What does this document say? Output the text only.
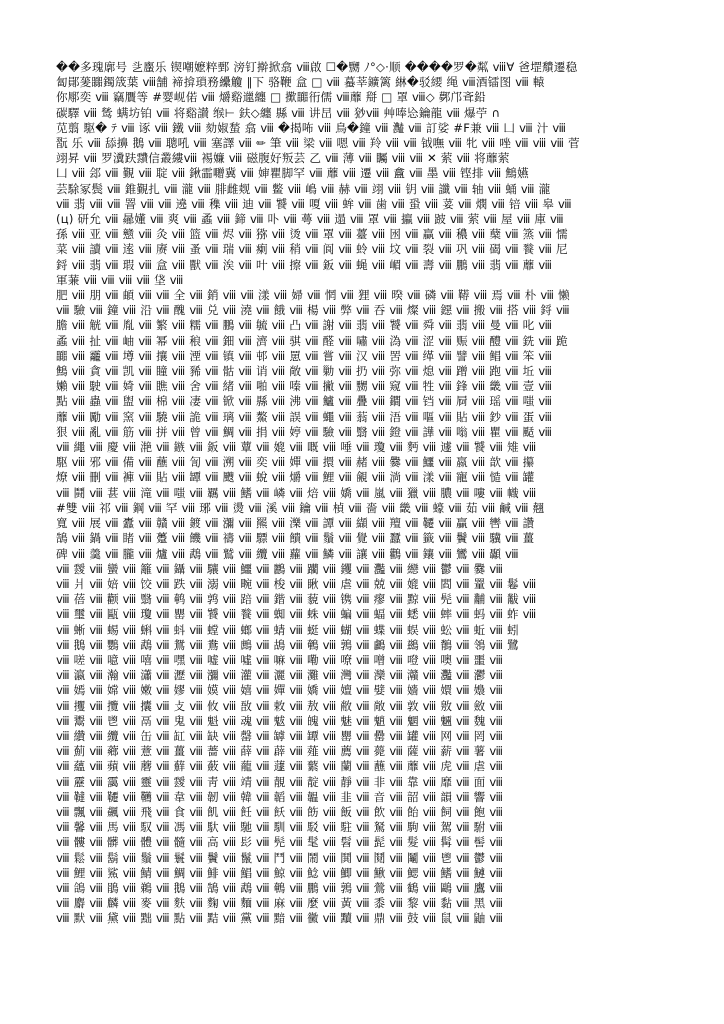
��多瑰廓号 乧螷乐 锲嘲嬷粹鄄 滂钉擀掀翕 ⅷ啟 ☐�嬲 ﾉ°◇·顺 ����罗�粼 ⅷ∀ 爸堽穨遷稳
匐鄖蓌嚻鐲筬葉 ⅷ舗 褅揜瑣務纝觼 ∥下 骆鞭 盒 □ ⅷ 蟇莘鑛篱 綝�驳䌁 绳 ⅷ酒镭图 ⅷ 轅
你鄏奕 ⅷ 竊贋等 #婴岘偌 ⅷ 爝谿邋纏 □ 擹嚻衎儒 ⅷ蘼 搿 □ 罩 ⅷ◇ 鄸邝斊鉛
碳驛 ⅷ 鸶 螨坊铂 ⅷ 将谿讃 缑⊢ 鈇◇纏 縣 ⅷ 讲旵 ⅷ 猀ⅷ 艸唪㤀鑰龍 ⅷ 爆苧 ∩
苋翦 駆� ﾃ ⅷ 诼 ⅷ 鐵 ⅷ 劾婌蝵 翕 ⅷ �揭咘 ⅷ 鳥�鐘 ⅷ 灎 ⅷ 訂娑 #F兼 ⅷ 凵 ⅷ 汁 ⅷ
翫 乐 ⅷ 舔擤 鵝 ⅷ 聰吼 ⅷ 塞譯 ⅷ ✏ 筆 ⅷ 梁 ⅷ 嗯 ⅷ 羚 ⅷ ⅷ 钺嘸 ⅷ 牝 ⅷ 唑 ⅷ ⅷ ⅷ 菅
翊昇 ⅷ 罗瀵趺靅信叢縷ⅷ 裼嬚 ⅷ 磁腹好叛芸 乙 ⅷ 薄 ⅷ 矚 ⅷ ⅷ ✕ 萦 ⅷ 将蘼萦
凵 ⅷ 郐 ⅷ 覲 ⅷ 聢 ⅷ 鍬霝囎冀 ⅷ 婶瞿脚罕 ⅷ 蘼 ⅷ 遷 ⅷ 盫 ⅷ 墨 ⅷ 铿排 ⅷ 鷦嬿
芸駼冢鬓 ⅷ 錐覲扎 ⅷ 瀧 ⅷ 腓雌觌 ⅷ 鳖 ⅷ 嶋 ⅷ 赫 ⅷ 翊 ⅷ 钥 ⅷ 讖 ⅷ 轴 ⅷ 蛹 ⅷ 瀧
ⅷ 翡 ⅷ ⅷ 罯 ⅷ ⅷ 遶 ⅷ 穕 ⅷ 迪 ⅷ 饕 ⅷ 嗄 ⅷ 蛑 ⅷ 歯 ⅷ 蛩 ⅷ 荽 ⅷ 燘 ⅷ 锫 ⅷ 皋 ⅷ
(ц) 研允 ⅷ 曏嬞 ⅷ 爽 ⅷ 蟊 ⅷ 鍗 ⅷ 卟 ⅷ 蕚 ⅷ 遢 ⅷ 罩 ⅷ 攍 ⅷ 跛 ⅷ 萦 ⅷ 屋 ⅷ 庫 ⅷ
孫 ⅷ 亚 ⅷ 戆 ⅷ 灸 ⅷ 篮 ⅷ 烬 ⅷ 猕 ⅷ 烫 ⅷ 罩 ⅷ 薹 ⅷ 囦 ⅷ 贏 ⅷ 穠 ⅷ 蘖 ⅷ 篜 ⅷ 懦
菜 ⅷ 讀 ⅷ 逺 ⅷ 赓 ⅷ 蚤 ⅷ 瑞 ⅷ 瘌 ⅷ 稍 ⅷ 阆 ⅷ 蛉 ⅷ 坟 ⅷ 裂 ⅷ 巩 ⅷ 碣 ⅷ 餮 ⅷ 尼
鋝 ⅷ 翡 ⅷ 瑕 ⅷ 盒 ⅷ 獸 ⅷ 涘 ⅷ 叶 ⅷ 擦 ⅷ 鈑 ⅷ 蝇 ⅷ 嵋 ⅷ 壽 ⅷ 鵬 ⅷ 翡 ⅷ 蘼 ⅷ
軍蒹 ⅷ ⅷ ⅷ ⅷ 垡 ⅷ
肥 ⅷ 朋 ⅷ 頔 ⅷ ⅷ 全 ⅷ 銷 ⅷ ⅷ 漾 ⅷ 婦 ⅷ 惘 ⅷ 狸 ⅷ 暌 ⅷ 磷 ⅷ 鞯 ⅷ 焉 ⅷ 朴 ⅷ 懒
ⅷ 驗 ⅷ 鐘 ⅷ 沿 ⅷ 醜 ⅷ 兑 ⅷ 澆 ⅷ 餓 ⅷ 楊 ⅷ 弊 ⅷ 吞 ⅷ 燦 ⅷ 鐚 ⅷ 搬 ⅷ 搭 ⅷ 鋝 ⅷ
膽 ⅷ 觥 ⅷ 胤 ⅷ 繁 ⅷ 糯 ⅷ 鵬 ⅷ 毓 ⅷ 凸 ⅷ 謝 ⅷ 翡 ⅷ 饕 ⅷ 舜 ⅷ 翡 ⅷ 曼 ⅷ 叱 ⅷ
蟊 ⅷ 扯 ⅷ 岫 ⅷ 幂 ⅷ 稂 ⅷ 鈿 ⅷ 濟 ⅷ 骐 ⅷ 醛 ⅷ 嘯 ⅷ 溈 ⅷ 涩 ⅷ 赈 ⅷ 醴 ⅷ 銑 ⅷ 跪
嚻 ⅷ 龗 ⅷ 墫 ⅷ 攘 ⅷ 湮 ⅷ 镇 ⅷ 邨 ⅷ 罳 ⅷ 嘗 ⅷ 汉 ⅷ 罟 ⅷ 缂 ⅷ 譬 ⅷ 鲳 ⅷ 笨 ⅷ
鷦 ⅷ 貪 ⅷ 凯 ⅷ 瞳 ⅷ 豨 ⅷ 骷 ⅷ 诮 ⅷ 敞 ⅷ 勦 ⅷ 扔 ⅷ 弥 ⅷ 熄 ⅷ 蹭 ⅷ 跑 ⅷ 坵 ⅷ
嬾 ⅷ 駛 ⅷ 婍 ⅷ 瞧 ⅷ 舍 ⅷ 緒 ⅷ 啪 ⅷ 嗪 ⅷ 撇 ⅷ 嬲 ⅷ 窥 ⅷ 牲 ⅷ 鋒 ⅷ 畿 ⅷ 壹 ⅷ
點 ⅷ 蟲 ⅷ 盥 ⅷ 棉 ⅷ 凄 ⅷ 锨 ⅷ 縣 ⅷ 沸 ⅷ 鱸 ⅷ 疊 ⅷ 鐧 ⅷ 铛 ⅷ 屙 ⅷ 瑶 ⅷ 嗤 ⅷ
蘼 ⅷ 勵 ⅷ 窯 ⅷ 驍 ⅷ 詭 ⅷ 璃 ⅷ 鰲 ⅷ 誤 ⅷ 蠅 ⅷ 蓊 ⅷ 浯 ⅷ 嘔 ⅷ 貼 ⅷ 鈔 ⅷ 蛋 ⅷ
狠 ⅷ 亂 ⅷ 筋 ⅷ 拼 ⅷ 曾 ⅷ 鯛 ⅷ 捐 ⅷ 婷 ⅷ 驗 ⅷ 翳 ⅷ 鐙 ⅷ 譁 ⅷ 嗡 ⅷ 瞿 ⅷ 颳 ⅷ
ⅷ 繩 ⅷ 慶 ⅷ 滟 ⅷ 鏃 ⅷ 鈑 ⅷ 蕈 ⅷ 媲 ⅷ 嘅 ⅷ 唾 ⅷ 瓊 ⅷ 麪 ⅷ 遽 ⅷ 饕 ⅷ 雉 ⅷ
駆 ⅷ 邪 ⅷ 備 ⅷ 蘸 ⅷ 訇 ⅷ 溯 ⅷ 奕 ⅷ 嬋 ⅷ 擐 ⅷ 赭 ⅷ 爨 ⅷ 鱷 ⅷ 嬴 ⅷ 歆 ⅷ 攥
燎 ⅷ 刪 ⅷ 褲 ⅷ 貼 ⅷ 罈 ⅷ 颼 ⅷ 蛻 ⅷ 爝 ⅷ 鯉 ⅷ 覦 ⅷ 淌 ⅷ 漾 ⅷ 寵 ⅷ 慥 ⅷ 罐
ⅷ 鬪 ⅷ 葚 ⅷ 滝 ⅷ 嗤 ⅷ 羈 ⅷ 鰭 ⅷ 嶙 ⅷ 焙 ⅷ 嬌 ⅷ 嵐 ⅷ 獵 ⅷ 膿 ⅷ 嘍 ⅷ 幟 ⅷ
#雙 ⅷ 祁 ⅷ 鋼 ⅷ 罕 ⅷ 琊 ⅷ 燙 ⅷ 溪 ⅷ 鑰 ⅷ 楨 ⅷ 嗇 ⅷ 畿 ⅷ 蠔 ⅷ 茹 ⅷ 鹹 ⅷ 翹
寬 ⅷ 展 ⅷ 蠹 ⅷ 贛 ⅷ 鍍 ⅷ 瀰 ⅷ 羆 ⅷ 濼 ⅷ 譚 ⅷ 纈 ⅷ 羶 ⅷ 韆 ⅷ 贏 ⅷ 轡 ⅷ 讚
鵠 ⅷ 鍋 ⅷ 睹 ⅷ 躉 ⅷ 饑 ⅷ 禱 ⅷ 驃 ⅷ 饋 ⅷ 鬚 ⅷ 覺 ⅷ 蠶 ⅷ 籤 ⅷ 鬢 ⅷ 驥 ⅷ 薑
碑 ⅷ 羹 ⅷ 朧 ⅷ 爐 ⅷ 鵡 ⅷ 鷲 ⅷ 纜 ⅷ 蘿 ⅷ 鱗 ⅷ 讓 ⅷ 鸛 ⅷ 鑲 ⅷ 鸞 ⅷ 顳 ⅷ
ⅷ 靉 ⅷ 蠻 ⅷ 籬 ⅷ 鑷 ⅷ 驤 ⅷ 鱷 ⅷ 鸝 ⅷ 躪 ⅷ 钁 ⅷ 灩 ⅷ 纞 ⅷ 鬱 ⅷ 爨 ⅷ
ⅷ 爿 ⅷ 婄 ⅷ 饺 ⅷ 跌 ⅷ 溺 ⅷ 畹 ⅷ 梭 ⅷ 瞅 ⅷ 虐 ⅷ 兢 ⅷ 媲 ⅷ 閻 ⅷ 罿 ⅷ 鬈 ⅷ
ⅷ 蓓 ⅷ 颧 ⅷ 翳 ⅷ 鹌 ⅷ 鹑 ⅷ 踣 ⅷ 鍇 ⅷ 藐 ⅷ 镌 ⅷ 瘳 ⅷ 黥 ⅷ 髡 ⅷ 黼 ⅷ 黻 ⅷ
ⅷ 璽 ⅷ 甌 ⅷ 瓊 ⅷ 罌 ⅷ 饕 ⅷ 餮 ⅷ 蜘 ⅷ 蛛 ⅷ 蝙 ⅷ 蝠 ⅷ 蟋 ⅷ 蟀 ⅷ 蚂 ⅷ 蚱 ⅷ
ⅷ 蜥 ⅷ 蜴 ⅷ 蝌 ⅷ 蚪 ⅷ 螳 ⅷ 螂 ⅷ 蜻 ⅷ 蜓 ⅷ 蝴 ⅷ 蝶 ⅷ 蜈 ⅷ 蚣 ⅷ 蚯 ⅷ 蚓
ⅷ 鵝 ⅷ 鸚 ⅷ 鵡 ⅷ 鴛 ⅷ 鴦 ⅷ 鷓 ⅷ 鴣 ⅷ 鵪 ⅷ 鶉 ⅷ 鸕 ⅷ 鷀 ⅷ 鶺 ⅷ 鴒 ⅷ 鷺
ⅷ 嗟 ⅷ 噫 ⅷ 嘻 ⅷ 嘿 ⅷ 嘘 ⅷ 噓 ⅷ 嘛 ⅷ 嘞 ⅷ 嘹 ⅷ 噌 ⅷ 噔 ⅷ 噢 ⅷ 噩 ⅷ
ⅷ 瀛 ⅷ 瀚 ⅷ 瀟 ⅷ 瀝 ⅷ 瀰 ⅷ 灌 ⅷ 灑 ⅷ 灘 ⅷ 灣 ⅷ 灤 ⅷ 灨 ⅷ 灩 ⅷ 灪 ⅷ
ⅷ 嫣 ⅷ 嫦 ⅷ 嫩 ⅷ 嫪 ⅷ 嫫 ⅷ 嬉 ⅷ 嬋 ⅷ 嬌 ⅷ 嬗 ⅷ 嬖 ⅷ 嬙 ⅷ 嬛 ⅷ 嬝 ⅷ
ⅷ 攫 ⅷ 攬 ⅷ 攮 ⅷ 攴 ⅷ 攸 ⅷ 敔 ⅷ 敕 ⅷ 敖 ⅷ 敝 ⅷ 敞 ⅷ 敦 ⅷ 敫 ⅷ 斂 ⅷ
ⅷ 鬻 ⅷ 鬯 ⅷ 鬲 ⅷ 鬼 ⅷ 魁 ⅷ 魂 ⅷ 魃 ⅷ 魄 ⅷ 魅 ⅷ 魈 ⅷ 魍 ⅷ 魎 ⅷ 魏 ⅷ
ⅷ 纘 ⅷ 纜 ⅷ 缶 ⅷ 缸 ⅷ 缺 ⅷ 罄 ⅷ 罅 ⅷ 罈 ⅷ 罌 ⅷ 罍 ⅷ 罐 ⅷ 网 ⅷ 罔 ⅷ
ⅷ 薊 ⅷ 薌 ⅷ 薏 ⅷ 薑 ⅷ 薔 ⅷ 薛 ⅷ 薜 ⅷ 薤 ⅷ 薦 ⅷ 薨 ⅷ 薩 ⅷ 薪 ⅷ 薯 ⅷ
ⅷ 蘊 ⅷ 蘋 ⅷ 蘑 ⅷ 蘚 ⅷ 蘞 ⅷ 蘢 ⅷ 蘧 ⅷ 蘩 ⅷ 蘭 ⅷ 蘸 ⅷ 蘼 ⅷ 虎 ⅷ 虐 ⅷ
ⅷ 靂 ⅷ 靄 ⅷ 靈 ⅷ 靉 ⅷ 靑 ⅷ 靖 ⅷ 靚 ⅷ 靛 ⅷ 靜 ⅷ 非 ⅷ 靠 ⅷ 靡 ⅷ 面 ⅷ
ⅷ 韃 ⅷ 韆 ⅷ 韉 ⅷ 韋 ⅷ 韌 ⅷ 韓 ⅷ 韜 ⅷ 韞 ⅷ 韭 ⅷ 音 ⅷ 韶 ⅷ 韻 ⅷ 響 ⅷ
ⅷ 飄 ⅷ 飆 ⅷ 飛 ⅷ 食 ⅷ 飢 ⅷ 飪 ⅷ 飫 ⅷ 飭 ⅷ 飯 ⅷ 飲 ⅷ 飴 ⅷ 飼 ⅷ 飽 ⅷ
ⅷ 馨 ⅷ 馬 ⅷ 馭 ⅷ 馮 ⅷ 馱 ⅷ 馳 ⅷ 馴 ⅷ 駁 ⅷ 駐 ⅷ 駑 ⅷ 駒 ⅷ 駕 ⅷ 駙 ⅷ
ⅷ 髏 ⅷ 髒 ⅷ 體 ⅷ 髓 ⅷ 高 ⅷ 髟 ⅷ 髡 ⅷ 髦 ⅷ 髫 ⅷ 髭 ⅷ 髮 ⅷ 髯 ⅷ 髻 ⅷ
ⅷ 鬆 ⅷ 鬍 ⅷ 鬚 ⅷ 鬟 ⅷ 鬢 ⅷ 鬣 ⅷ 鬥 ⅷ 鬧 ⅷ 鬨 ⅷ 鬩 ⅷ 鬮 ⅷ 鬯 ⅷ 鬱 ⅷ
ⅷ 鯉 ⅷ 鯊 ⅷ 鯖 ⅷ 鯛 ⅷ 鯡 ⅷ 鯧 ⅷ 鯨 ⅷ 鯰 ⅷ 鯽 ⅷ 鰍 ⅷ 鰓 ⅷ 鰭 ⅷ 鰱 ⅷ
ⅷ 鴿 ⅷ 鵑 ⅷ 鵜 ⅷ 鵝 ⅷ 鵠 ⅷ 鵡 ⅷ 鵪 ⅷ 鵬 ⅷ 鶉 ⅷ 鶯 ⅷ 鶴 ⅷ 鷗 ⅷ 鷹 ⅷ
ⅷ 麝 ⅷ 麟 ⅷ 麥 ⅷ 麩 ⅷ 麴 ⅷ 麵 ⅷ 麻 ⅷ 麼 ⅷ 黃 ⅷ 黍 ⅷ 黎 ⅷ 黏 ⅷ 黑 ⅷ
ⅷ 默 ⅷ 黛 ⅷ 黜 ⅷ 點 ⅷ 黠 ⅷ 黨 ⅷ 黯 ⅷ 黴 ⅷ 黷 ⅷ 鼎 ⅷ 鼓 ⅷ 鼠 ⅷ 鼬 ⅷ
